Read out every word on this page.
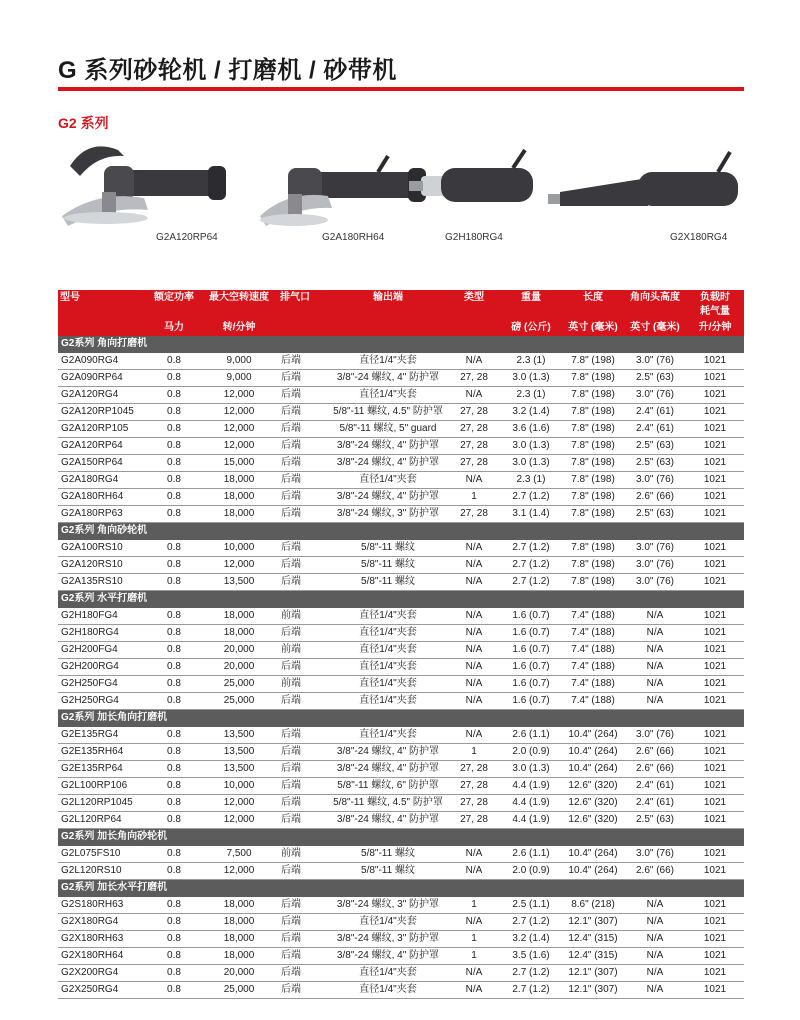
G 系列砂轮机 / 打磨机 / 砂带机
G2 系列
G2A120RP64	G2A180RH64	G2H180RG4	G2X180RG4
型号	额定功率	最大空转速度	排气口	输出端	类型	重量	长度	角向头高度	负载时
耗气量

	马力	转/分钟				磅 (公斤)	英寸 (毫米)	英寸 (毫米)	升/分钟
G2系列 角向打磨机									
G2A090RG4	0.8	9,000	后端	直径1/4"夹套	N/A	2.3 (1)	7.8" (198)	3.0" (76)	1021
G2A090RP64	0.8	9,000	后端	3/8"-24 螺纹, 4" 防护罩	27, 28	3.0 (1.3)	7.8" (198)	2.5" (63)	1021
G2A120RG4	0.8	12,000	后端	直径1/4"夹套	N/A	2.3 (1)	7.8" (198)	3.0" (76)	1021
G2A120RP1045	0.8	12,000	后端	5/8"-11 螺纹, 4.5" 防护罩	27, 28	3.2 (1.4)	7.8" (198)	2.4" (61)	1021
G2A120RP105	0.8	12,000	后端	5/8"-11 螺纹, 5" guard	27, 28	3.6 (1.6)	7.8" (198)	2.4" (61)	1021
G2A120RP64	0.8	12,000	后端	3/8"-24 螺纹, 4" 防护罩	27, 28	3.0 (1.3)	7.8" (198)	2.5" (63)	1021
G2A150RP64	0.8	15,000	后端	3/8"-24 螺纹, 4" 防护罩	27, 28	3.0 (1.3)	7.8" (198)	2.5" (63)	1021
G2A180RG4	0.8	18,000	后端	直径1/4"夹套	N/A	2.3 (1)	7.8" (198)	3.0" (76)	1021
G2A180RH64	0.8	18,000	后端	3/8"-24 螺纹, 4" 防护罩	1	2.7 (1.2)	7.8" (198)	2.6" (66)	1021
G2A180RP63	0.8	18,000	后端	3/8"-24 螺纹, 3" 防护罩	27, 28	3.1 (1.4)	7.8" (198)	2.5" (63)	1021
G2系列 角向砂轮机									
G2A100RS10	0.8	10,000	后端	5/8"-11 螺纹	N/A	2.7 (1.2)	7.8" (198)	3.0" (76)	1021
G2A120RS10	0.8	12,000	后端	5/8"-11 螺纹	N/A	2.7 (1.2)	7.8" (198)	3.0" (76)	1021
G2A135RS10	0.8	13,500	后端	5/8"-11 螺纹	N/A	2.7 (1.2)	7.8" (198)	3.0" (76)	1021
G2系列 水平打磨机									
G2H180FG4	0.8	18,000	前端	直径1/4"夹套	N/A	1.6 (0.7)	7.4" (188)	N/A	1021
G2H180RG4	0.8	18,000	后端	直径1/4"夹套	N/A	1.6 (0.7)	7.4" (188)	N/A	1021
G2H200FG4	0.8	20,000	前端	直径1/4"夹套	N/A	1.6 (0.7)	7.4" (188)	N/A	1021
G2H200RG4	0.8	20,000	后端	直径1/4"夹套	N/A	1.6 (0.7)	7.4" (188)	N/A	1021
G2H250FG4	0.8	25,000	前端	直径1/4"夹套	N/A	1.6 (0.7)	7.4" (188)	N/A	1021
G2H250RG4	0.8	25,000	后端	直径1/4"夹套	N/A	1.6 (0.7)	7.4" (188)	N/A	1021
G2系列 加长角向打磨机									
G2E135RG4	0.8	13,500	后端	直径1/4"夹套	N/A	2.6 (1.1)	10.4" (264)	3.0" (76)	1021
G2E135RH64	0.8	13,500	后端	3/8"-24 螺纹, 4" 防护罩	1	2.0 (0.9)	10.4" (264)	2.6" (66)	1021
G2E135RP64	0.8	13,500	后端	3/8"-24 螺纹, 4" 防护罩	27, 28	3.0 (1.3)	10.4" (264)	2.6" (66)	1021
G2L100RP106	0.8	10,000	后端	5/8"-11 螺纹, 6" 防护罩	27, 28	4.4 (1.9)	12.6" (320)	2.4" (61)	1021
G2L120RP1045	0.8	12,000	后端	5/8"-11 螺纹, 4.5" 防护罩	27, 28	4.4 (1.9)	12.6" (320)	2.4" (61)	1021
G2L120RP64	0.8	12,000	后端	3/8"-24 螺纹, 4" 防护罩	27, 28	4.4 (1.9)	12.6" (320)	2.5" (63)	1021
G2系列 加长角向砂轮机									
G2L075FS10	0.8	7,500	前端	5/8"-11 螺纹	N/A	2.6 (1.1)	10.4" (264)	3.0" (76)	1021
G2L120RS10	0.8	12,000	后端	5/8"-11 螺纹	N/A	2.0 (0.9)	10.4" (264)	2.6" (66)	1021
G2系列 加长水平打磨机									
G2S180RH63	0.8	18,000	后端	3/8"-24 螺纹, 3" 防护罩	1	2.5 (1.1)	8.6" (218)	N/A	1021
G2X180RG4	0.8	18,000	后端	直径1/4"夹套	N/A	2.7 (1.2)	12.1" (307)	N/A	1021
G2X180RH63	0.8	18,000	后端	3/8"-24 螺纹, 3" 防护罩	1	3.2 (1.4)	12.4" (315)	N/A	1021
G2X180RH64	0.8	18,000	后端	3/8"-24 螺纹, 4" 防护罩	1	3.5 (1.6)	12.4" (315)	N/A	1021
G2X200RG4	0.8	20,000	后端	直径1/4"夹套	N/A	2.7 (1.2)	12.1" (307)	N/A	1021
G2X250RG4	0.8	25,000	后端	直径1/4"夹套	N/A	2.7 (1.2)	12.1" (307)	N/A	1021
